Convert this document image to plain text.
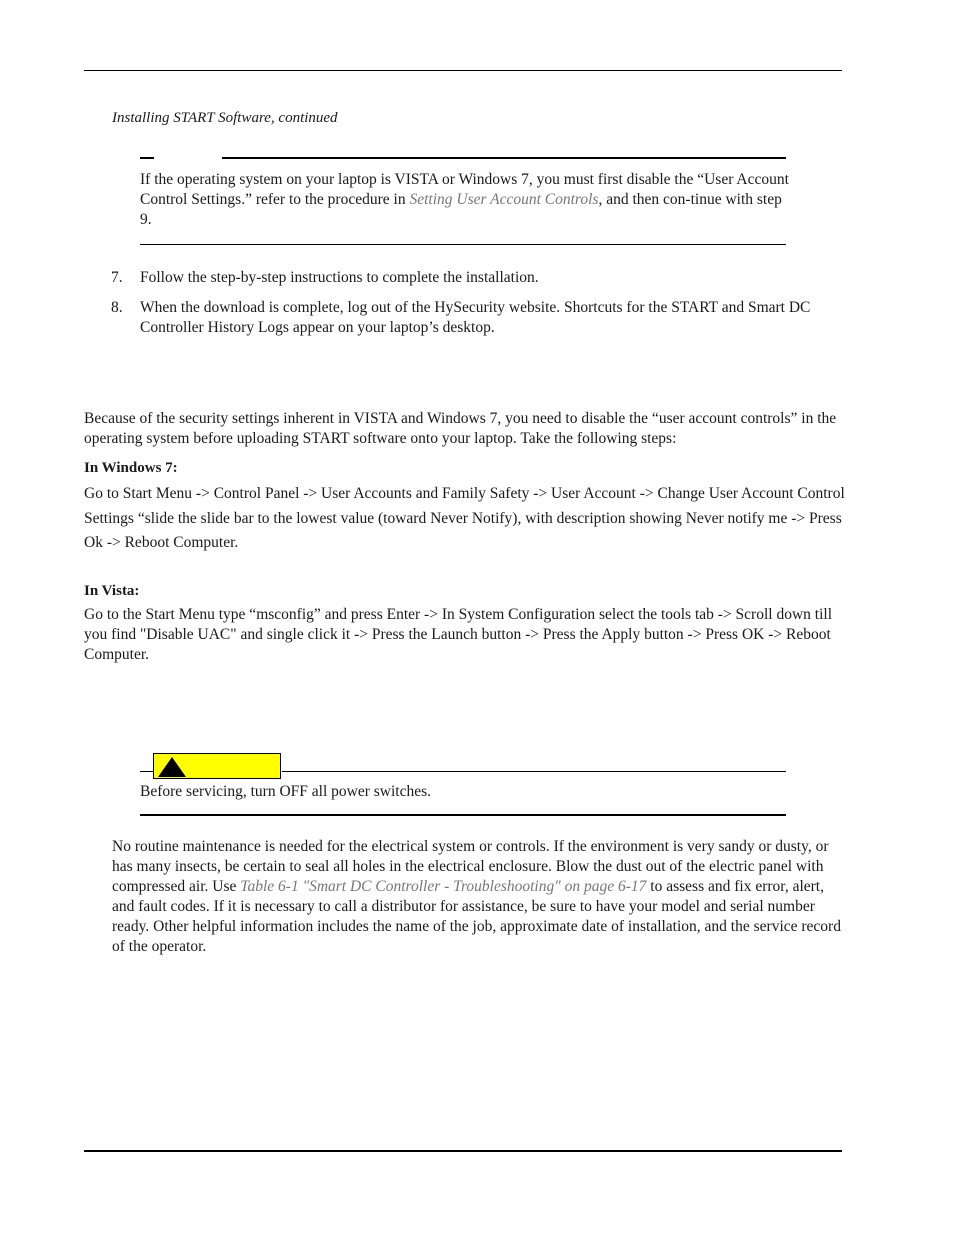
Installing START Software, continued

If the operating system on your laptop is VISTA or Windows 7, you must first disable the “User Account Control Settings.” refer to the procedure in Setting User Account Controls, and then con-tinue with step 9.

7. Follow the step-by-step instructions to complete the installation.

8. When the download is complete, log out of the HySecurity website. Shortcuts for the START and Smart DC Controller History Logs appear on your laptop’s desktop.

Because of the security settings inherent in VISTA and Windows 7, you need to disable the “user account controls” in the operating system before uploading START software onto your laptop. Take the following steps:

In Windows 7:

Go to Start Menu -> Control Panel -> User Accounts and Family Safety -> User Account -> Change User Account Control Settings “slide the slide bar to the lowest value (toward Never Notify), with description showing Never notify me -> Press Ok -> Reboot Computer.

In Vista:

Go to the Start Menu type “msconfig” and press Enter -> In System Configuration select the tools tab -> Scroll down till you find "Disable UAC" and single click it -> Press the Launch button -> Press the Apply button -> Press OK -> Reboot Computer.

Before servicing, turn OFF all power switches.

No routine maintenance is needed for the electrical system or controls. If the environment is very sandy or dusty, or has many insects, be certain to seal all holes in the electrical enclosure. Blow the dust out of the electric panel with compressed air. Use Table 6-1 "Smart DC Controller - Troubleshooting" on page 6-17 to assess and fix error, alert, and fault codes. If it is necessary to call a distributor for assistance, be sure to have your model and serial number ready. Other helpful information includes the name of the job, approximate date of installation, and the service record of the operator.
